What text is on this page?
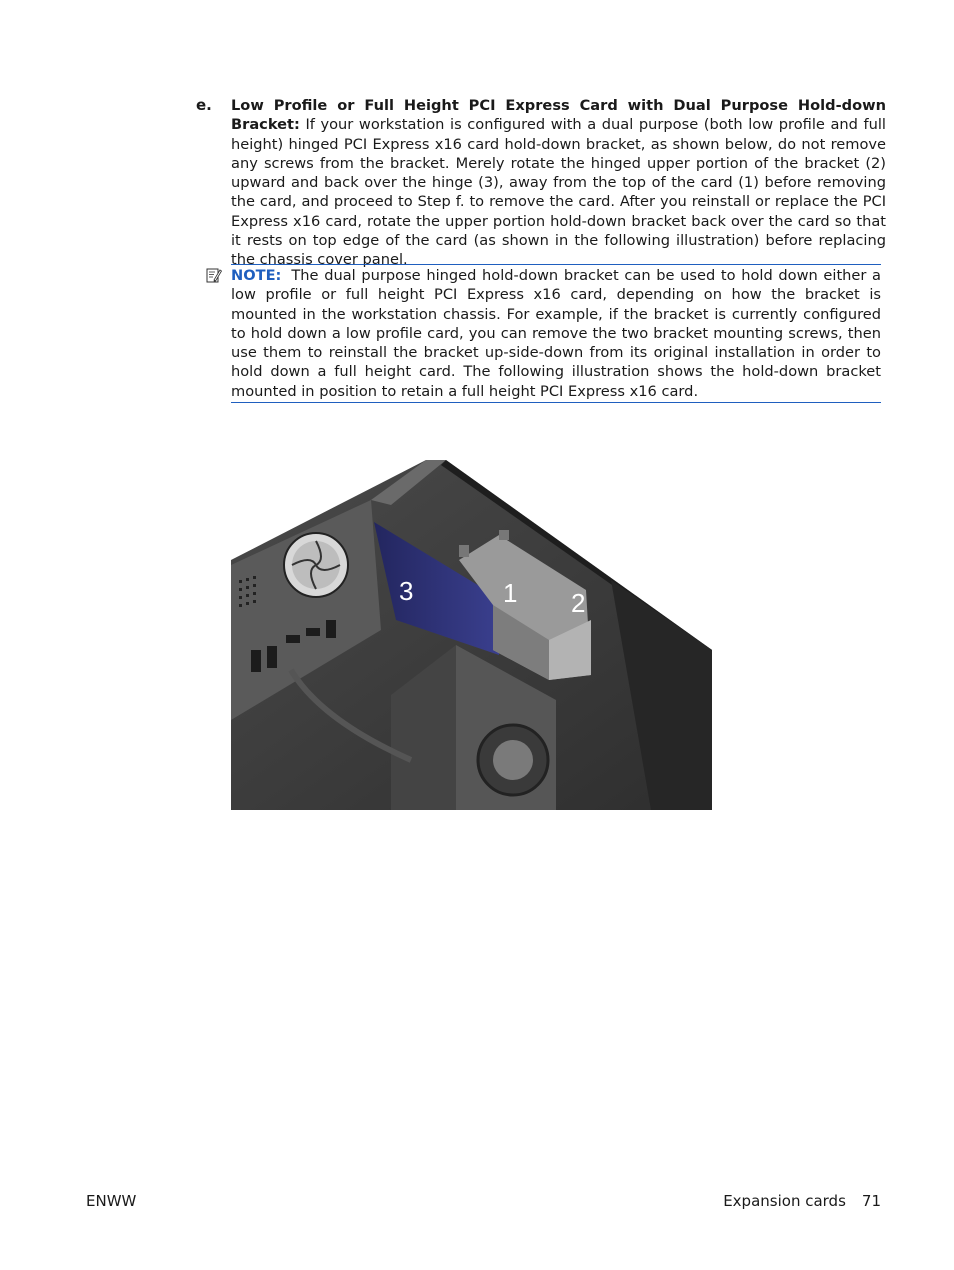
e. Low Profile or Full Height PCI Express Card with Dual Purpose Hold-down Bracket: If your workstation is configured with a dual purpose (both low profile and full height) hinged PCI Express x16 card hold-down bracket, as shown below, do not remove any screws from the bracket. Merely rotate the hinged upper portion of the bracket (2) upward and back over the hinge (3), away from the top of the card (1) before removing the card, and proceed to Step f. to remove the card. After you reinstall or replace the PCI Express x16 card, rotate the upper portion hold-down bracket back over the card so that it rests on top edge of the card (as shown in the following illustration) before replacing the chassis cover panel.
NOTE: The dual purpose hinged hold-down bracket can be used to hold down either a low profile or full height PCI Express x16 card, depending on how the bracket is mounted in the workstation chassis. For example, if the bracket is currently configured to hold down a low profile card, you can remove the two bracket mounting screws, then use them to reinstall the bracket up-side-down from its original installation in order to hold down a full height card. The following illustration shows the hold-down bracket mounted in position to retain a full height PCI Express x16 card.
3	1 2
ENWW	Expansion cards 71
